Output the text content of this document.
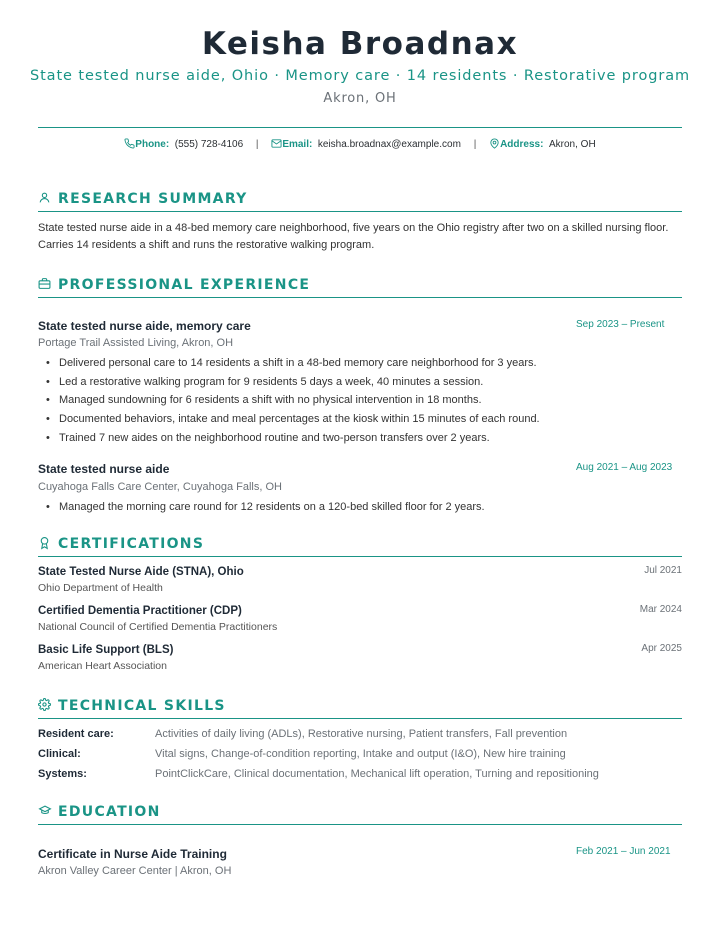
Keisha Broadnax
State tested nurse aide, Ohio · Memory care · 14 residents · Restorative program
Akron, OH
Phone: (555) 728-4106 | Email: keisha.broadnax@example.com | Address: Akron, OH
RESEARCH SUMMARY
State tested nurse aide in a 48-bed memory care neighborhood, five years on the Ohio registry after two on a skilled nursing floor.
Carries 14 residents a shift and runs the restorative walking program.
PROFESSIONAL EXPERIENCE
State tested nurse aide, memory care	Sep 2023 – Present
Portage Trail Assisted Living, Akron, OH
• Delivered personal care to 14 residents a shift in a 48-bed memory care neighborhood for 3 years.
• Led a restorative walking program for 9 residents 5 days a week, 40 minutes a session.
• Managed sundowning for 6 residents a shift with no physical intervention in 18 months.
• Documented behaviors, intake and meal percentages at the kiosk within 15 minutes of each round.
• Trained 7 new aides on the neighborhood routine and two-person transfers over 2 years.
State tested nurse aide	Aug 2021 – Aug 2023
Cuyahoga Falls Care Center, Cuyahoga Falls, OH
• Managed the morning care round for 12 residents on a 120-bed skilled floor for 2 years.
CERTIFICATIONS
State Tested Nurse Aide (STNA), Ohio	Jul 2021
Ohio Department of Health
Certified Dementia Practitioner (CDP)	Mar 2024
National Council of Certified Dementia Practitioners
Basic Life Support (BLS)	Apr 2025
American Heart Association
TECHNICAL SKILLS
Resident care:	Activities of daily living (ADLs), Restorative nursing, Patient transfers, Fall prevention
Clinical:	Vital signs, Change-of-condition reporting, Intake and output (I&O), New hire training
Systems:	PointClickCare, Clinical documentation, Mechanical lift operation, Turning and repositioning
EDUCATION
Certificate in Nurse Aide Training	Feb 2021 – Jun 2021
Akron Valley Career Center | Akron, OH
